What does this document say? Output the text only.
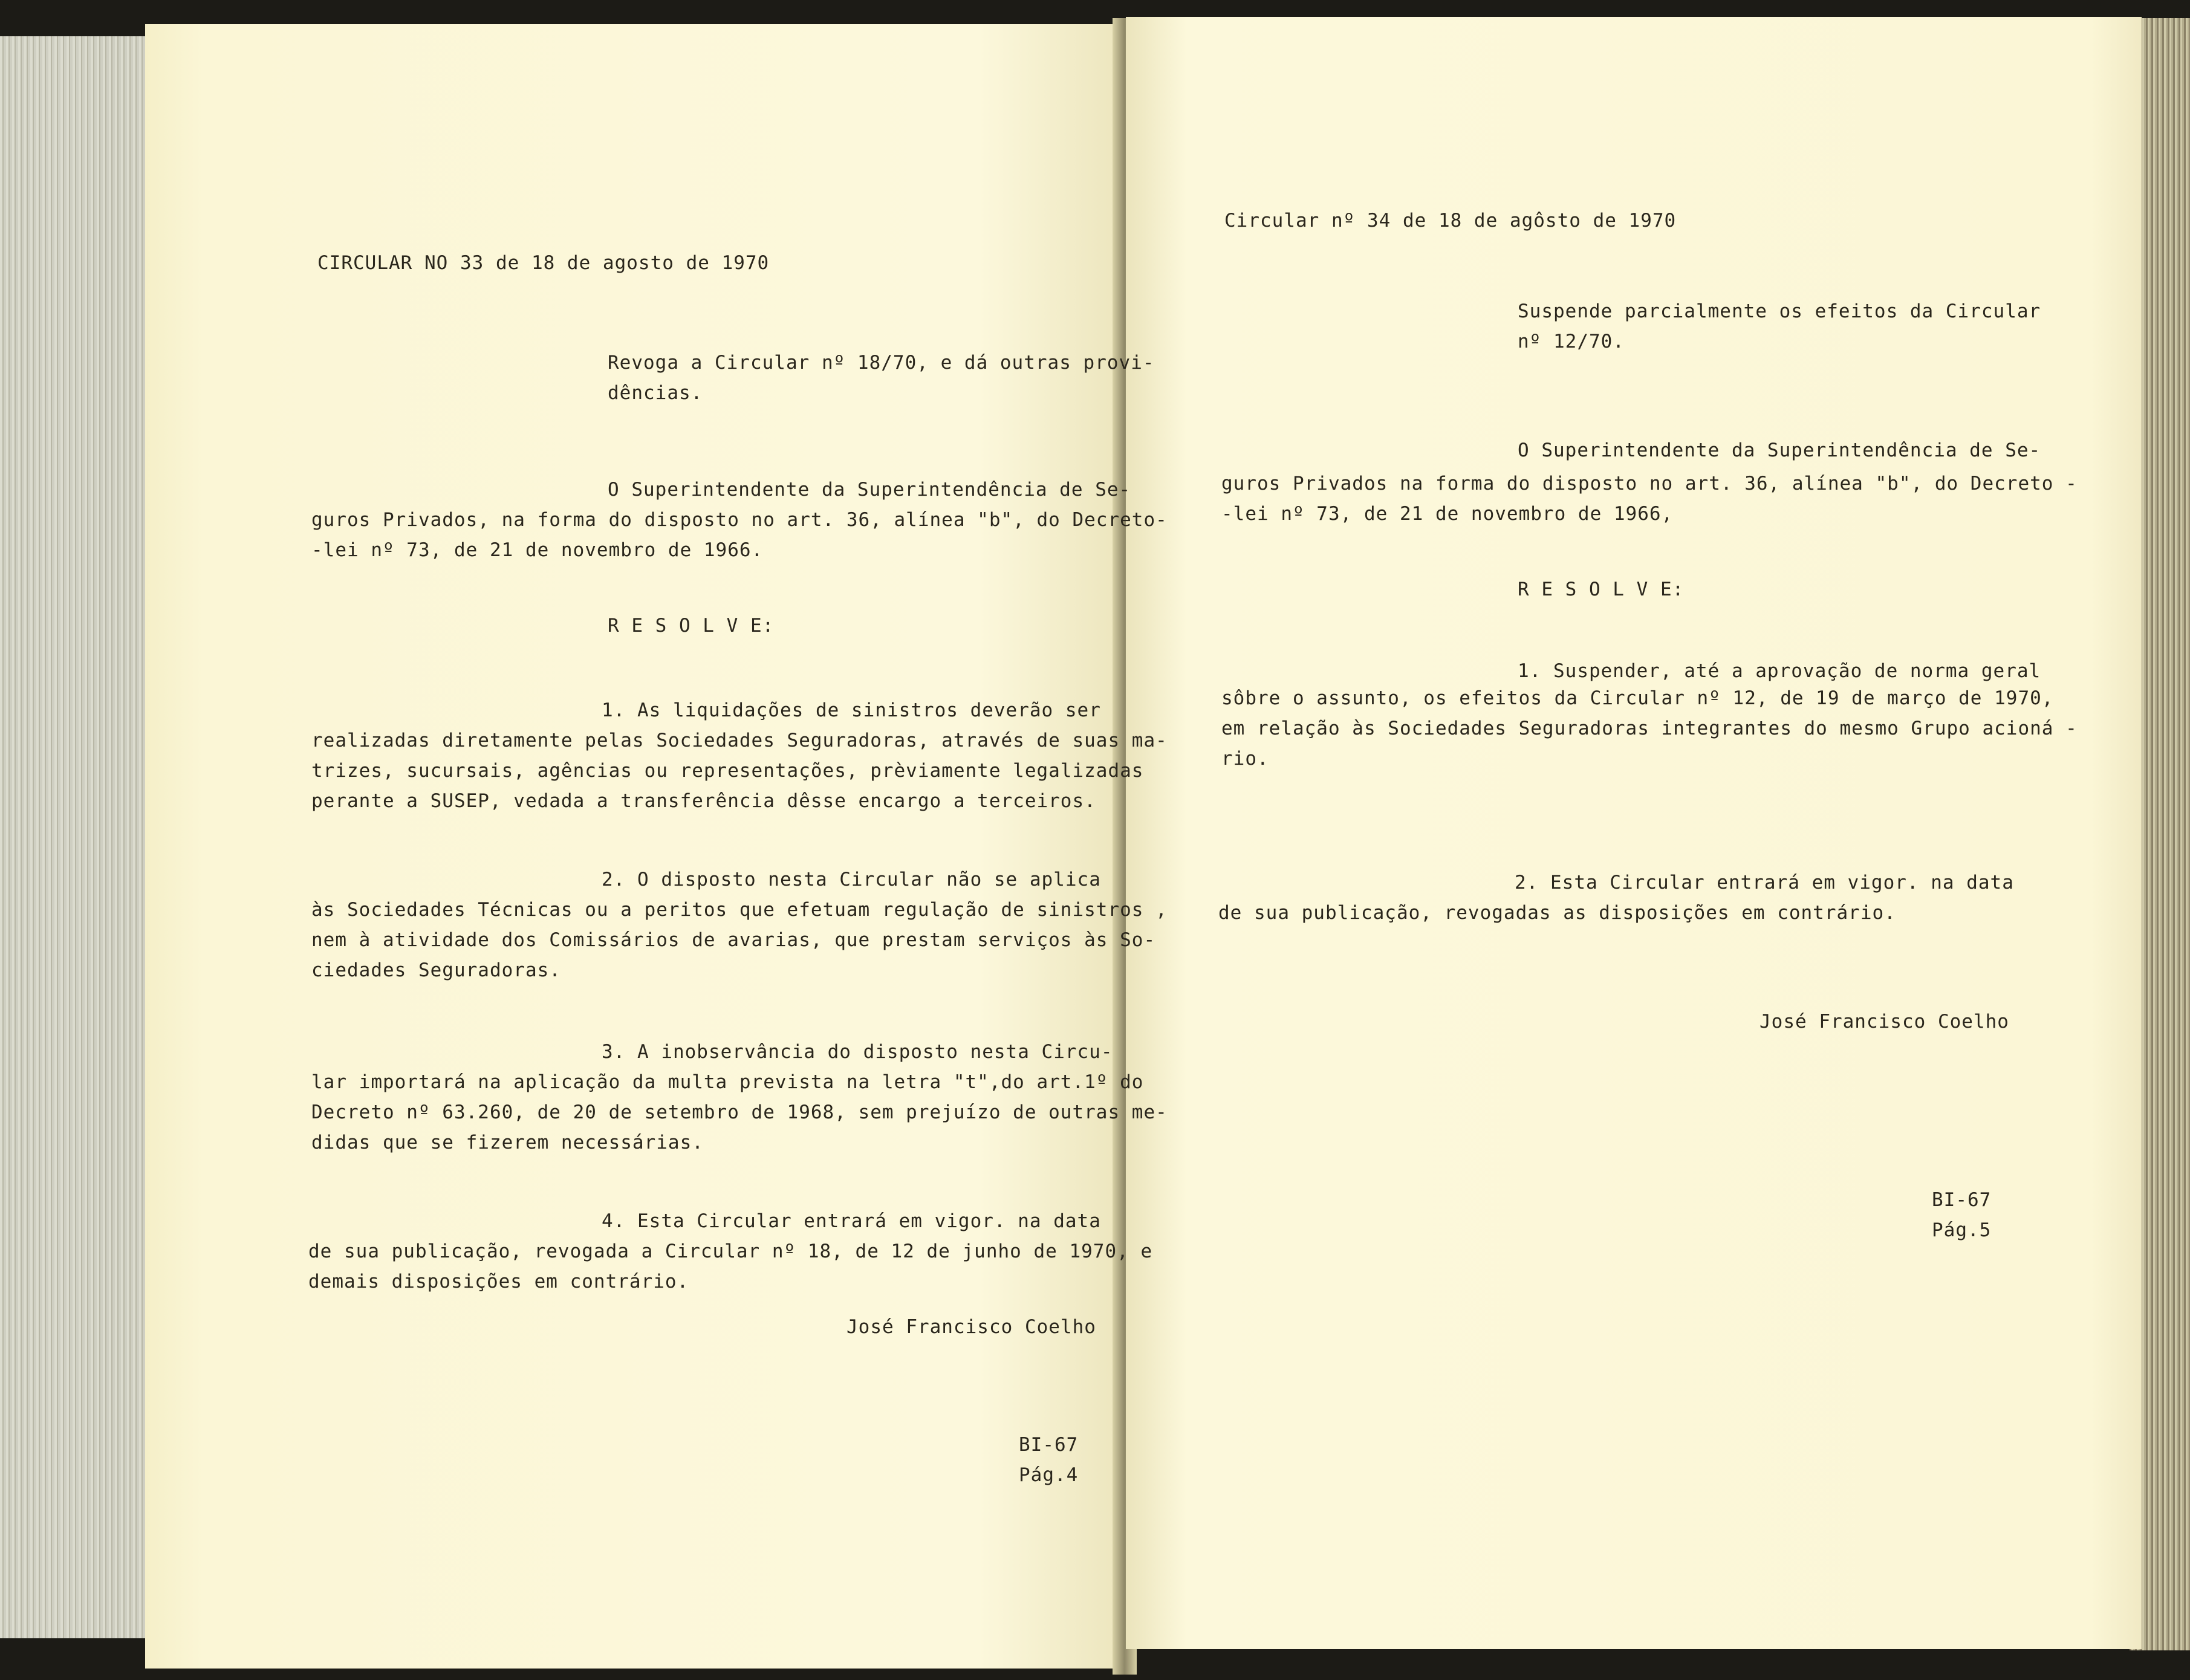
CIRCULAR NO 33 de 18 de agosto de 1970
Revoga a Circular nº 18/70, e dá outras provi-
dências.
O Superintendente da Superintendência de Se-
guros Privados, na forma do disposto no art. 36, alínea "b", do Decreto-
-lei nº 73, de 21 de novembro de 1966.
R E S O L V E:
1. As liquidações de sinistros deverão ser
realizadas diretamente pelas Sociedades Seguradoras, através de suas ma-
trizes, sucursais, agências ou representações, prèviamente legalizadas
perante a SUSEP, vedada a transferência dêsse encargo a terceiros.
2. O disposto nesta Circular não se aplica
às Sociedades Técnicas ou a peritos que efetuam regulação de sinistros ,
nem à atividade dos Comissários de avarias, que prestam serviços às So-
ciedades Seguradoras.
3. A inobservância do disposto nesta Circu-
lar importará na aplicação da multa prevista na letra "t",do art.1º do
Decreto nº 63.260, de 20 de setembro de 1968, sem prejuízo de outras me-
didas que se fizerem necessárias.
4. Esta Circular entrará em vigor. na data
de sua publicação, revogada a Circular nº 18, de 12 de junho de 1970, e
demais disposições em contrário.
José Francisco Coelho
BI-67
Pág.4
Circular nº 34 de 18 de agôsto de 1970
Suspende parcialmente os efeitos da Circular
nº 12/70.
O Superintendente da Superintendência de Se-
guros Privados na forma do disposto no art. 36, alínea "b", do Decreto -
-lei nº 73, de 21 de novembro de 1966,
R E S O L V E:
1. Suspender, até a aprovação de norma geral
sôbre o assunto, os efeitos da Circular nº 12, de 19 de março de 1970,
em relação às Sociedades Seguradoras integrantes do mesmo Grupo acioná -
rio.
2. Esta Circular entrará em vigor. na data
de sua publicação, revogadas as disposições em contrário.
José Francisco Coelho
BI-67
Pág.5
